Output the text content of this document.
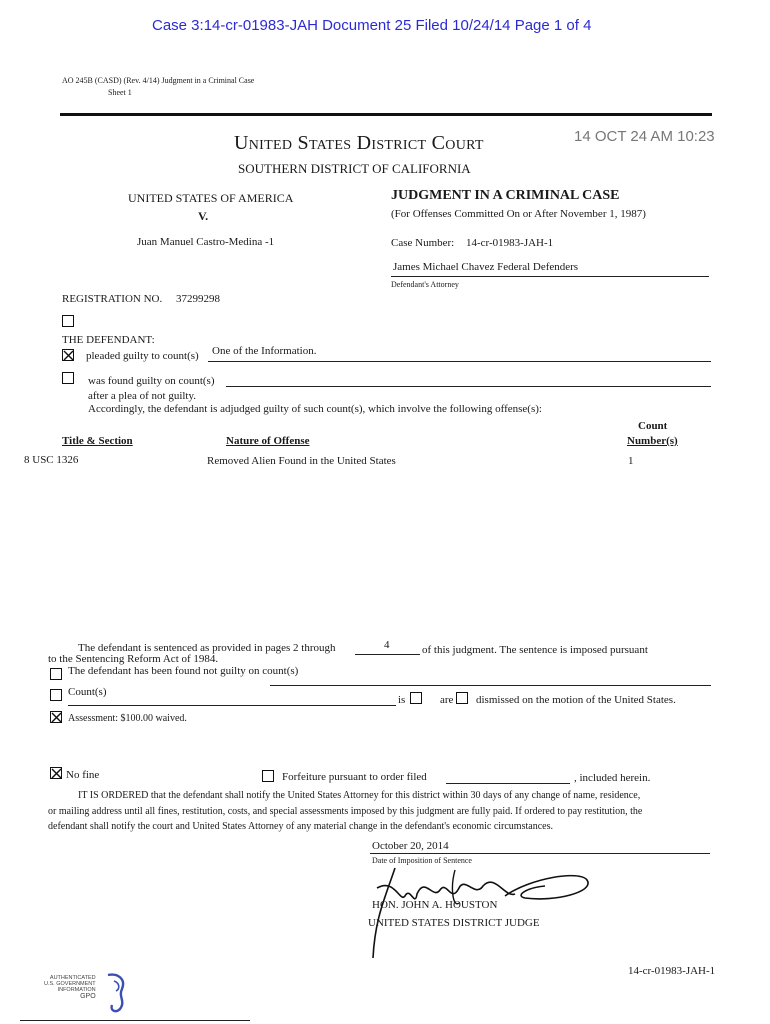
Case 3:14-cr-01983-JAH Document 25 Filed 10/24/14 Page 1 of 4
AO 245B (CASD) (Rev. 4/14) Judgment in a Criminal Case
Sheet 1
United States District Court
SOUTHERN DISTRICT OF CALIFORNIA
14 OCT 24 AM 10:23
UNITED STATES OF AMERICA
V.
Juan Manuel Castro-Medina -1
JUDGMENT IN A CRIMINAL CASE
(For Offenses Committed On or After November 1, 1987)
Case Number: 14-cr-01983-JAH-1
James Michael Chavez Federal Defenders
Defendant's Attorney
REGISTRATION NO. 37299298
THE DEFENDANT:
pleaded guilty to count(s) One of the Information.
was found guilty on count(s)
after a plea of not guilty.
Accordingly, the defendant is adjudged guilty of such count(s), which involve the following offense(s):
Title & Section	Nature of Offense
Count
Number(s)
8 USC 1326	Removed Alien Found in the United States	1
The defendant is sentenced as provided in pages 2 through	4	of this judgment. The sentence is imposed pursuant
to the Sentencing Reform Act of 1984.
The defendant has been found not guilty on count(s)
Count(s)
is	are dismissed on the motion of the United States.
Assessment: $100.00 waived.
No fine	Forfeiture pursuant to order filed	, included herein.
IT IS ORDERED that the defendant shall notify the United States Attorney for this district within 30 days of any change of name, residence,
or mailing address until all fines, restitution, costs, and special assessments imposed by this judgment are fully paid. If ordered to pay restitution, the
defendant shall notify the court and United States Attorney of any material change in the defendant's economic circumstances.
October 20, 2014
Date of Imposition of Sentence
HON. JOHN A. HOUSTON
UNITED STATES DISTRICT JUDGE
14-cr-01983-JAH-1
AUTHENTICATED
U.S. GOVERNMENT
INFORMATION
GPO
